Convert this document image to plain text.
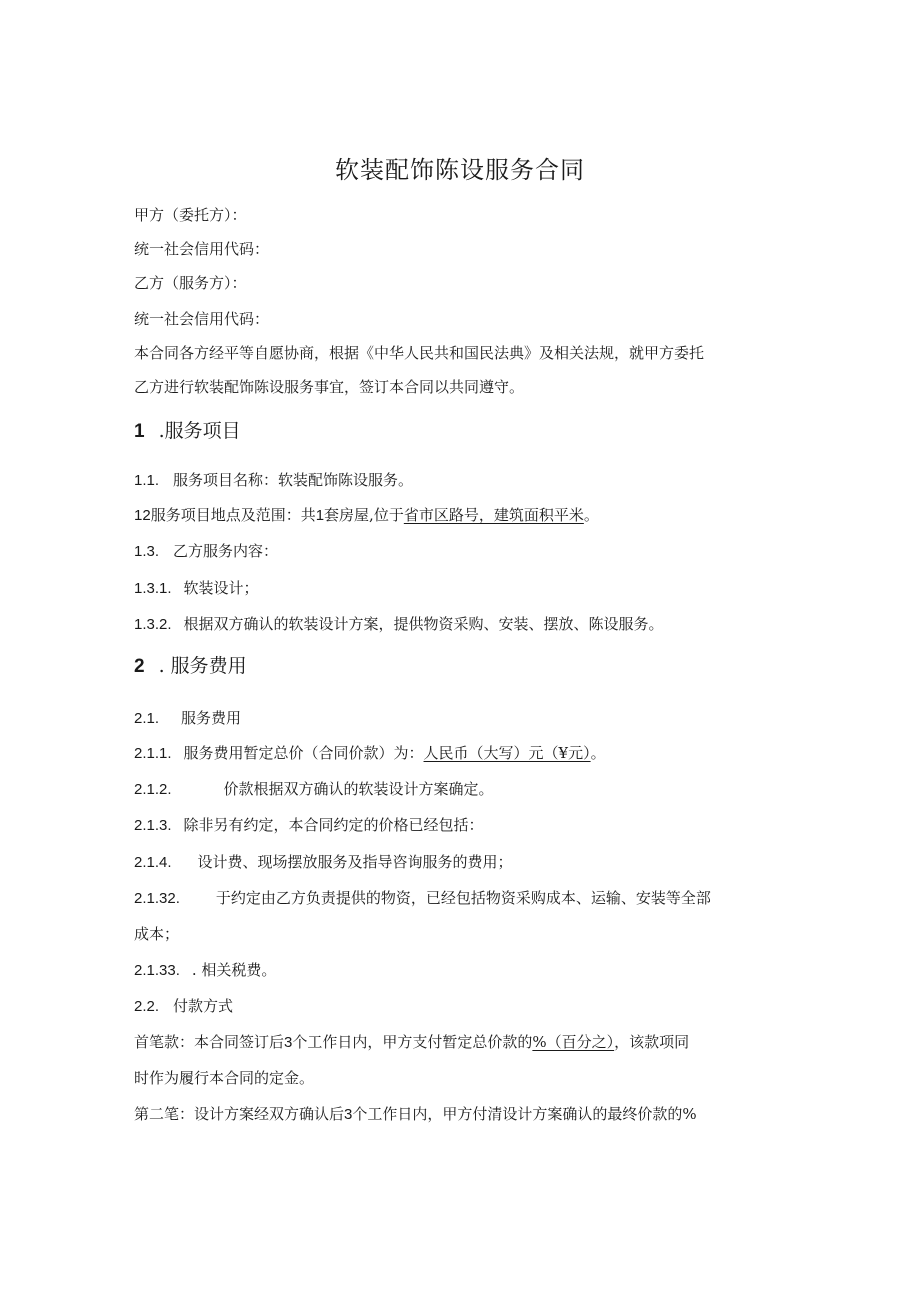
软装配饰陈设服务合同
甲方（委托方）：
统一社会信用代码：
乙方（服务方）：
统一社会信用代码：
本合同各方经平等自愿协商，根据《中华人民共和国民法典》及相关法规，就甲方委托
乙方进行软装配饰陈设服务事宜，签订本合同以共同遵守。
1 .服务项目
1.1. 服务项目名称：软装配饰陈设服务。
12服务项目地点及范围：共1套房屋,位于省市区路号，建筑面积平米。
1.3. 乙方服务内容：
1.3.1. 软装设计；
1.3.2. 根据双方确认的软装设计方案，提供物资采购、安装、摆放、陈设服务。
2 . 服务费用
2.1. 服务费用
2.1.1. 服务费用暂定总价（合同价款）为：人民币（大写）元（¥元）。
2.1.2.	价款根据双方确认的软装设计方案确定。
2.1.3. 除非另有约定，本合同约定的价格已经包括：
2.1.4. 设计费、现场摆放服务及指导咨询服务的费用；
2.1.32. 于约定由乙方负责提供的物资，已经包括物资采购成本、运输、安装等全部
成本；
2.1.33. . 相关税费。
2.2. 付款方式
首笔款：本合同签订后3个工作日内，甲方支付暂定总价款的%（百分之），该款项同
时作为履行本合同的定金。
第二笔：设计方案经双方确认后3个工作日内，甲方付清设计方案确认的最终价款的%
